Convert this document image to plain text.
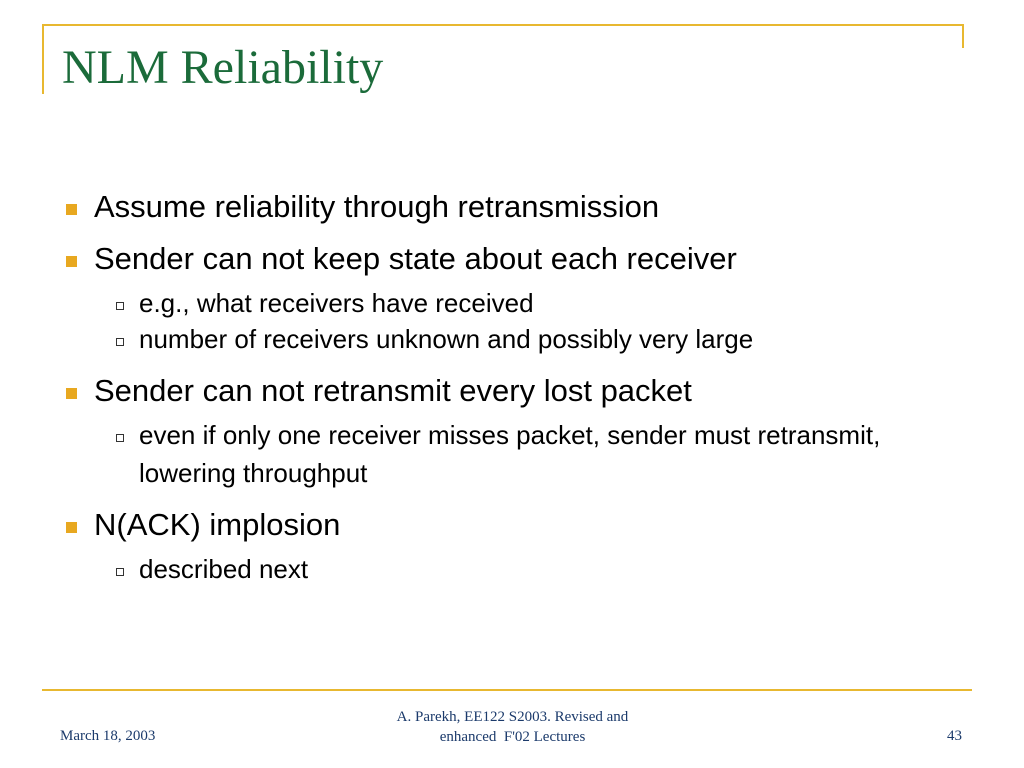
NLM Reliability
Assume reliability through retransmission
Sender can not keep state about each receiver
e.g., what receivers have received
number of receivers unknown and possibly very large
Sender can not retransmit every lost packet
even if only one receiver misses packet, sender must retransmit, lowering throughput
N(ACK) implosion
described next
March 18, 2003
A. Parekh, EE122 S2003. Revised and
enhanced  F'02 Lectures	43
